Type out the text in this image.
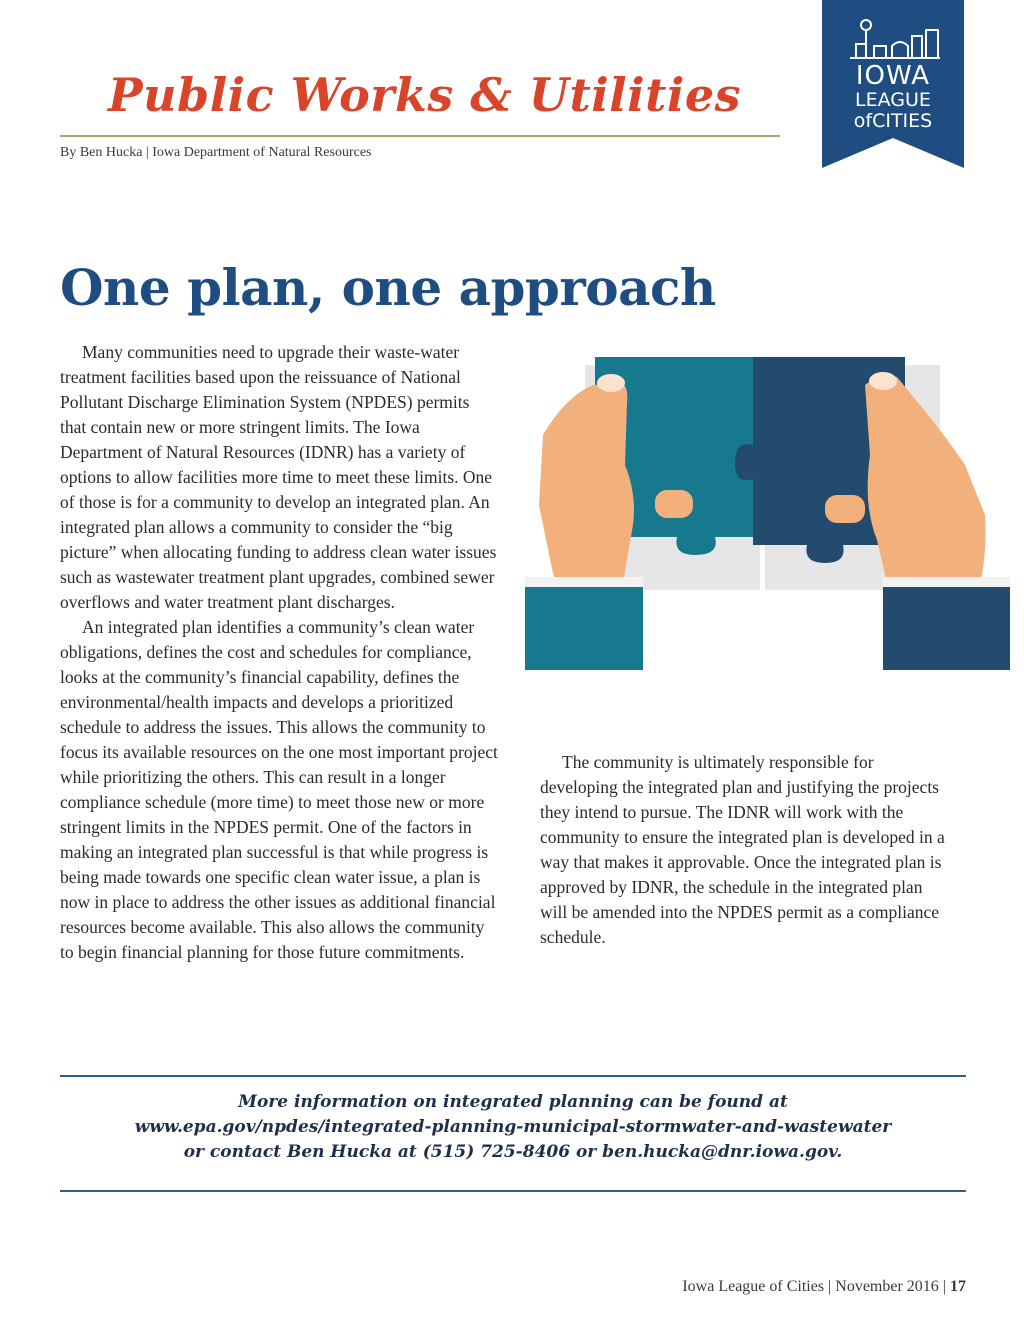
Public Works & Utilities
By Ben Hucka | Iowa Department of Natural Resources
IOWA
LEAGUE
ofCITIES
One plan, one approach

Many communities need to upgrade their waste-water treatment facilities based upon the reissuance of National Pollutant Discharge Elimination System (NPDES) permits that contain new or more stringent limits. The Iowa Department of Natural Resources (IDNR) has a variety of options to allow facilities more time to meet these limits. One of those is for a community to develop an integrated plan. An integrated plan allows a community to consider the “big picture” when allocating funding to address clean water issues such as wastewater treatment plant upgrades, combined sewer overflows and water treatment plant discharges.

An integrated plan identifies a community’s clean water obligations, defines the cost and schedules for compliance, looks at the community’s financial capability, defines the environmental/health impacts and develops a prioritized schedule to address the issues. This allows the community to focus its available resources on the one most important project while prioritizing the others. This can result in a longer compliance schedule (more time) to meet those new or more stringent limits in the NPDES permit. One of the factors in making an integrated plan successful is that while progress is being made towards one specific clean water issue, a plan is now in place to address the other issues as additional financial resources become available. This also allows the community to begin financial planning for those future commitments.

The community is ultimately responsible for developing the integrated plan and justifying the projects they intend to pursue. The IDNR will work with the community to ensure the integrated plan is developed in a way that makes it approvable. Once the integrated plan is approved by IDNR, the schedule in the integrated plan will be amended into the NPDES permit as a compliance schedule.

More information on integrated planning can be found at
www.epa.gov/npdes/integrated-planning-municipal-stormwater-and-wastewater
or contact Ben Hucka at (515) 725-8406 or ben.hucka@dnr.iowa.gov.
Iowa League of Cities | November 2016 | 17
